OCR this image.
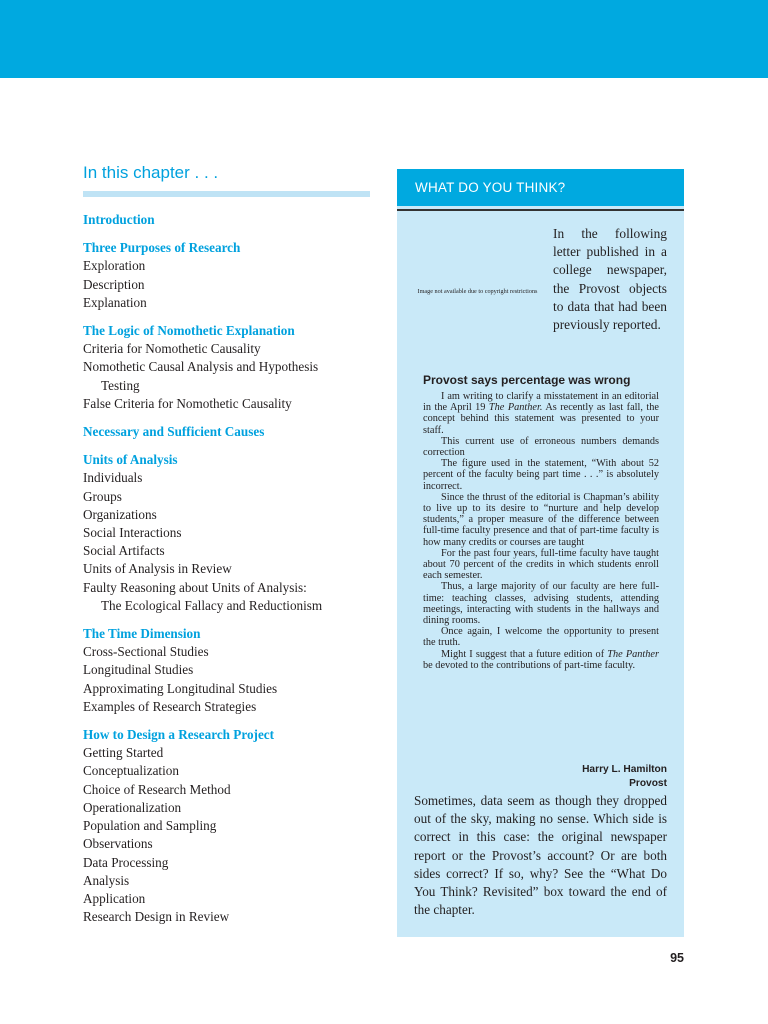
In this chapter . . .
Introduction
Three Purposes of Research
Exploration
Description
Explanation
The Logic of Nomothetic Explanation
Criteria for Nomothetic Causality
Nomothetic Causal Analysis and Hypothesis
Testing
False Criteria for Nomothetic Causality
Necessary and Sufficient Causes
Units of Analysis
Individuals
Groups
Organizations
Social Interactions
Social Artifacts
Units of Analysis in Review
Faulty Reasoning about Units of Analysis:
The Ecological Fallacy and Reductionism
The Time Dimension
Cross-Sectional Studies
Longitudinal Studies
Approximating Longitudinal Studies
Examples of Research Strategies
How to Design a Research Project
Getting Started
Conceptualization
Choice of Research Method
Operationalization
Population and Sampling
Observations
Data Processing
Analysis
Application
Research Design in Review
WHAT DO YOU THINK?
Image not available due to copyright restrictions
In the following letter published in a college newspaper, the Provost objects to data that had been previously reported.
Provost says percentage was wrong

I am writing to clarify a misstatement in an editorial in the April 19 The Panther. As recently as last fall, the concept behind this statement was presented to your staff.

This current use of erroneous numbers demands correction

The figure used in the statement, “With about 52 percent of the faculty being part time . . .” is absolutely incorrect.

Since the thrust of the editorial is Chapman’s ability to live up to its desire to “nurture and help develop students,” a proper measure of the difference between full-time faculty presence and that of part-time faculty is how many credits or courses are taught

For the past four years, full-time faculty have taught about 70 percent of the credits in which students enroll each semester.

Thus, a large majority of our faculty are here full-time: teaching classes, advising students, attending meetings, interacting with students in the hallways and dining rooms.

Once again, I welcome the opportunity to present the truth.

Might I suggest that a future edition of The Panther be devoted to the contributions of part-time faculty.

Harry L. Hamilton
Provost
Sometimes, data seem as though they dropped out of the sky, making no sense. Which side is correct in this case: the original newspaper report or the Provost’s account? Or are both sides correct? If so, why? See the “What Do You Think? Revisited” box toward the end of the chapter.
95
